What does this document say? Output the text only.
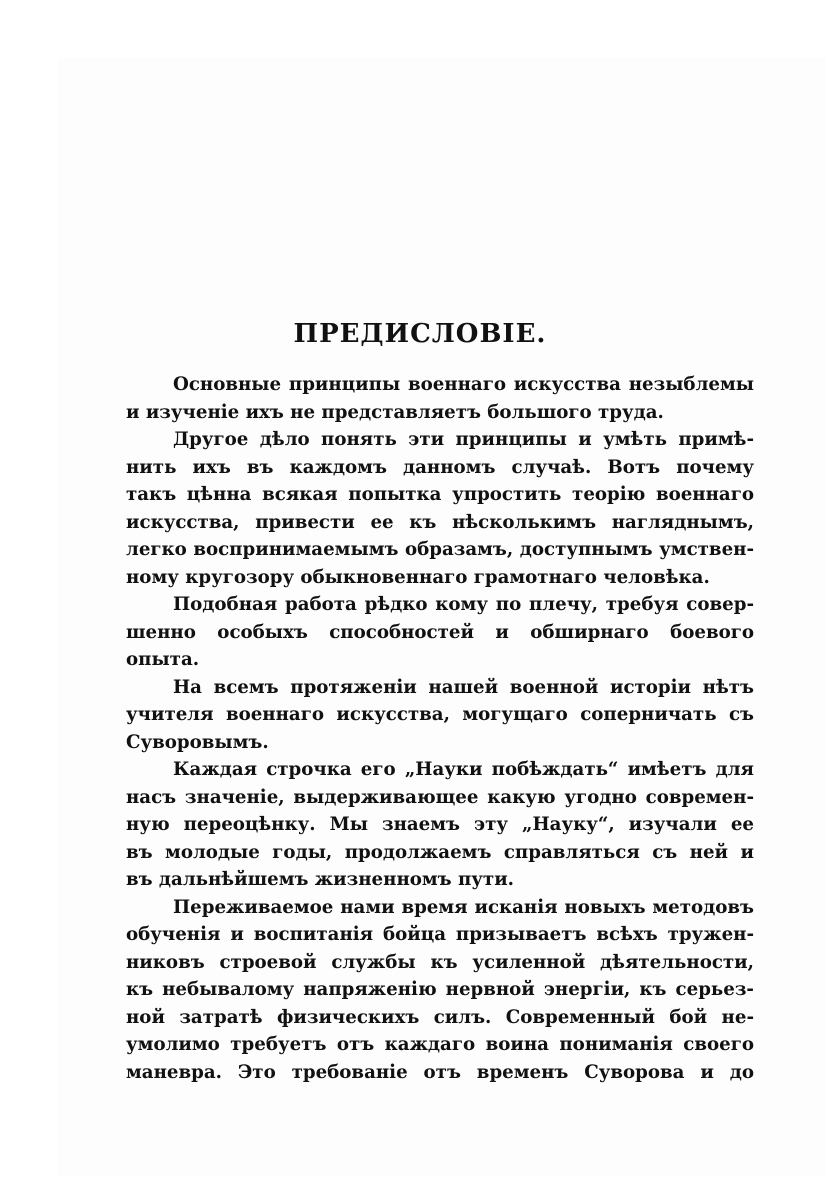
ПРЕДИСЛОВIЕ.

Основные принципы военнаго искусства незыблемы
и изученiе ихъ не представляетъ большого труда.

Другое дѣло понять эти принципы и умѣть примѣ-
нить ихъ въ каждомъ данномъ случаѣ. Вотъ почему
такъ цѣнна всякая попытка упростить теорiю военнаго
искусства, привести ее къ нѣсколькимъ нагляднымъ,
легко воспринимаемымъ образамъ, доступнымъ умствен-
ному кругозору обыкновеннаго грамотнаго человѣка.

Подобная работа рѣдко кому по плечу, требуя совер-
шенно особыхъ способностей и обширнаго боевого
опыта.

На всемъ протяженiи нашей военной исторiи нѣтъ
учителя военнаго искусства, могущаго соперничать съ
Суворовымъ.

Каждая строчка его „Науки побѣждать“ имѣетъ для
насъ значенiе, выдерживающее какую угодно современ-
ную переоцѣнку. Мы знаемъ эту „Науку“, изучали ее
въ молодые годы, продолжаемъ справляться съ ней и
въ дальнѣйшемъ жизненномъ пути.

Переживаемое нами время исканiя новыхъ методовъ
обученiя и воспитанiя бойца призываетъ всѣхъ тружен-
никовъ строевой службы къ усиленной дѣятельности,
къ небывалому напряженiю нервной энергiи, къ серьез-
ной затратѣ физическихъ силъ. Современный бой не-
умолимо требуетъ отъ каждаго воина пониманiя своего
маневра. Это требованiе отъ временъ Суворова и до
